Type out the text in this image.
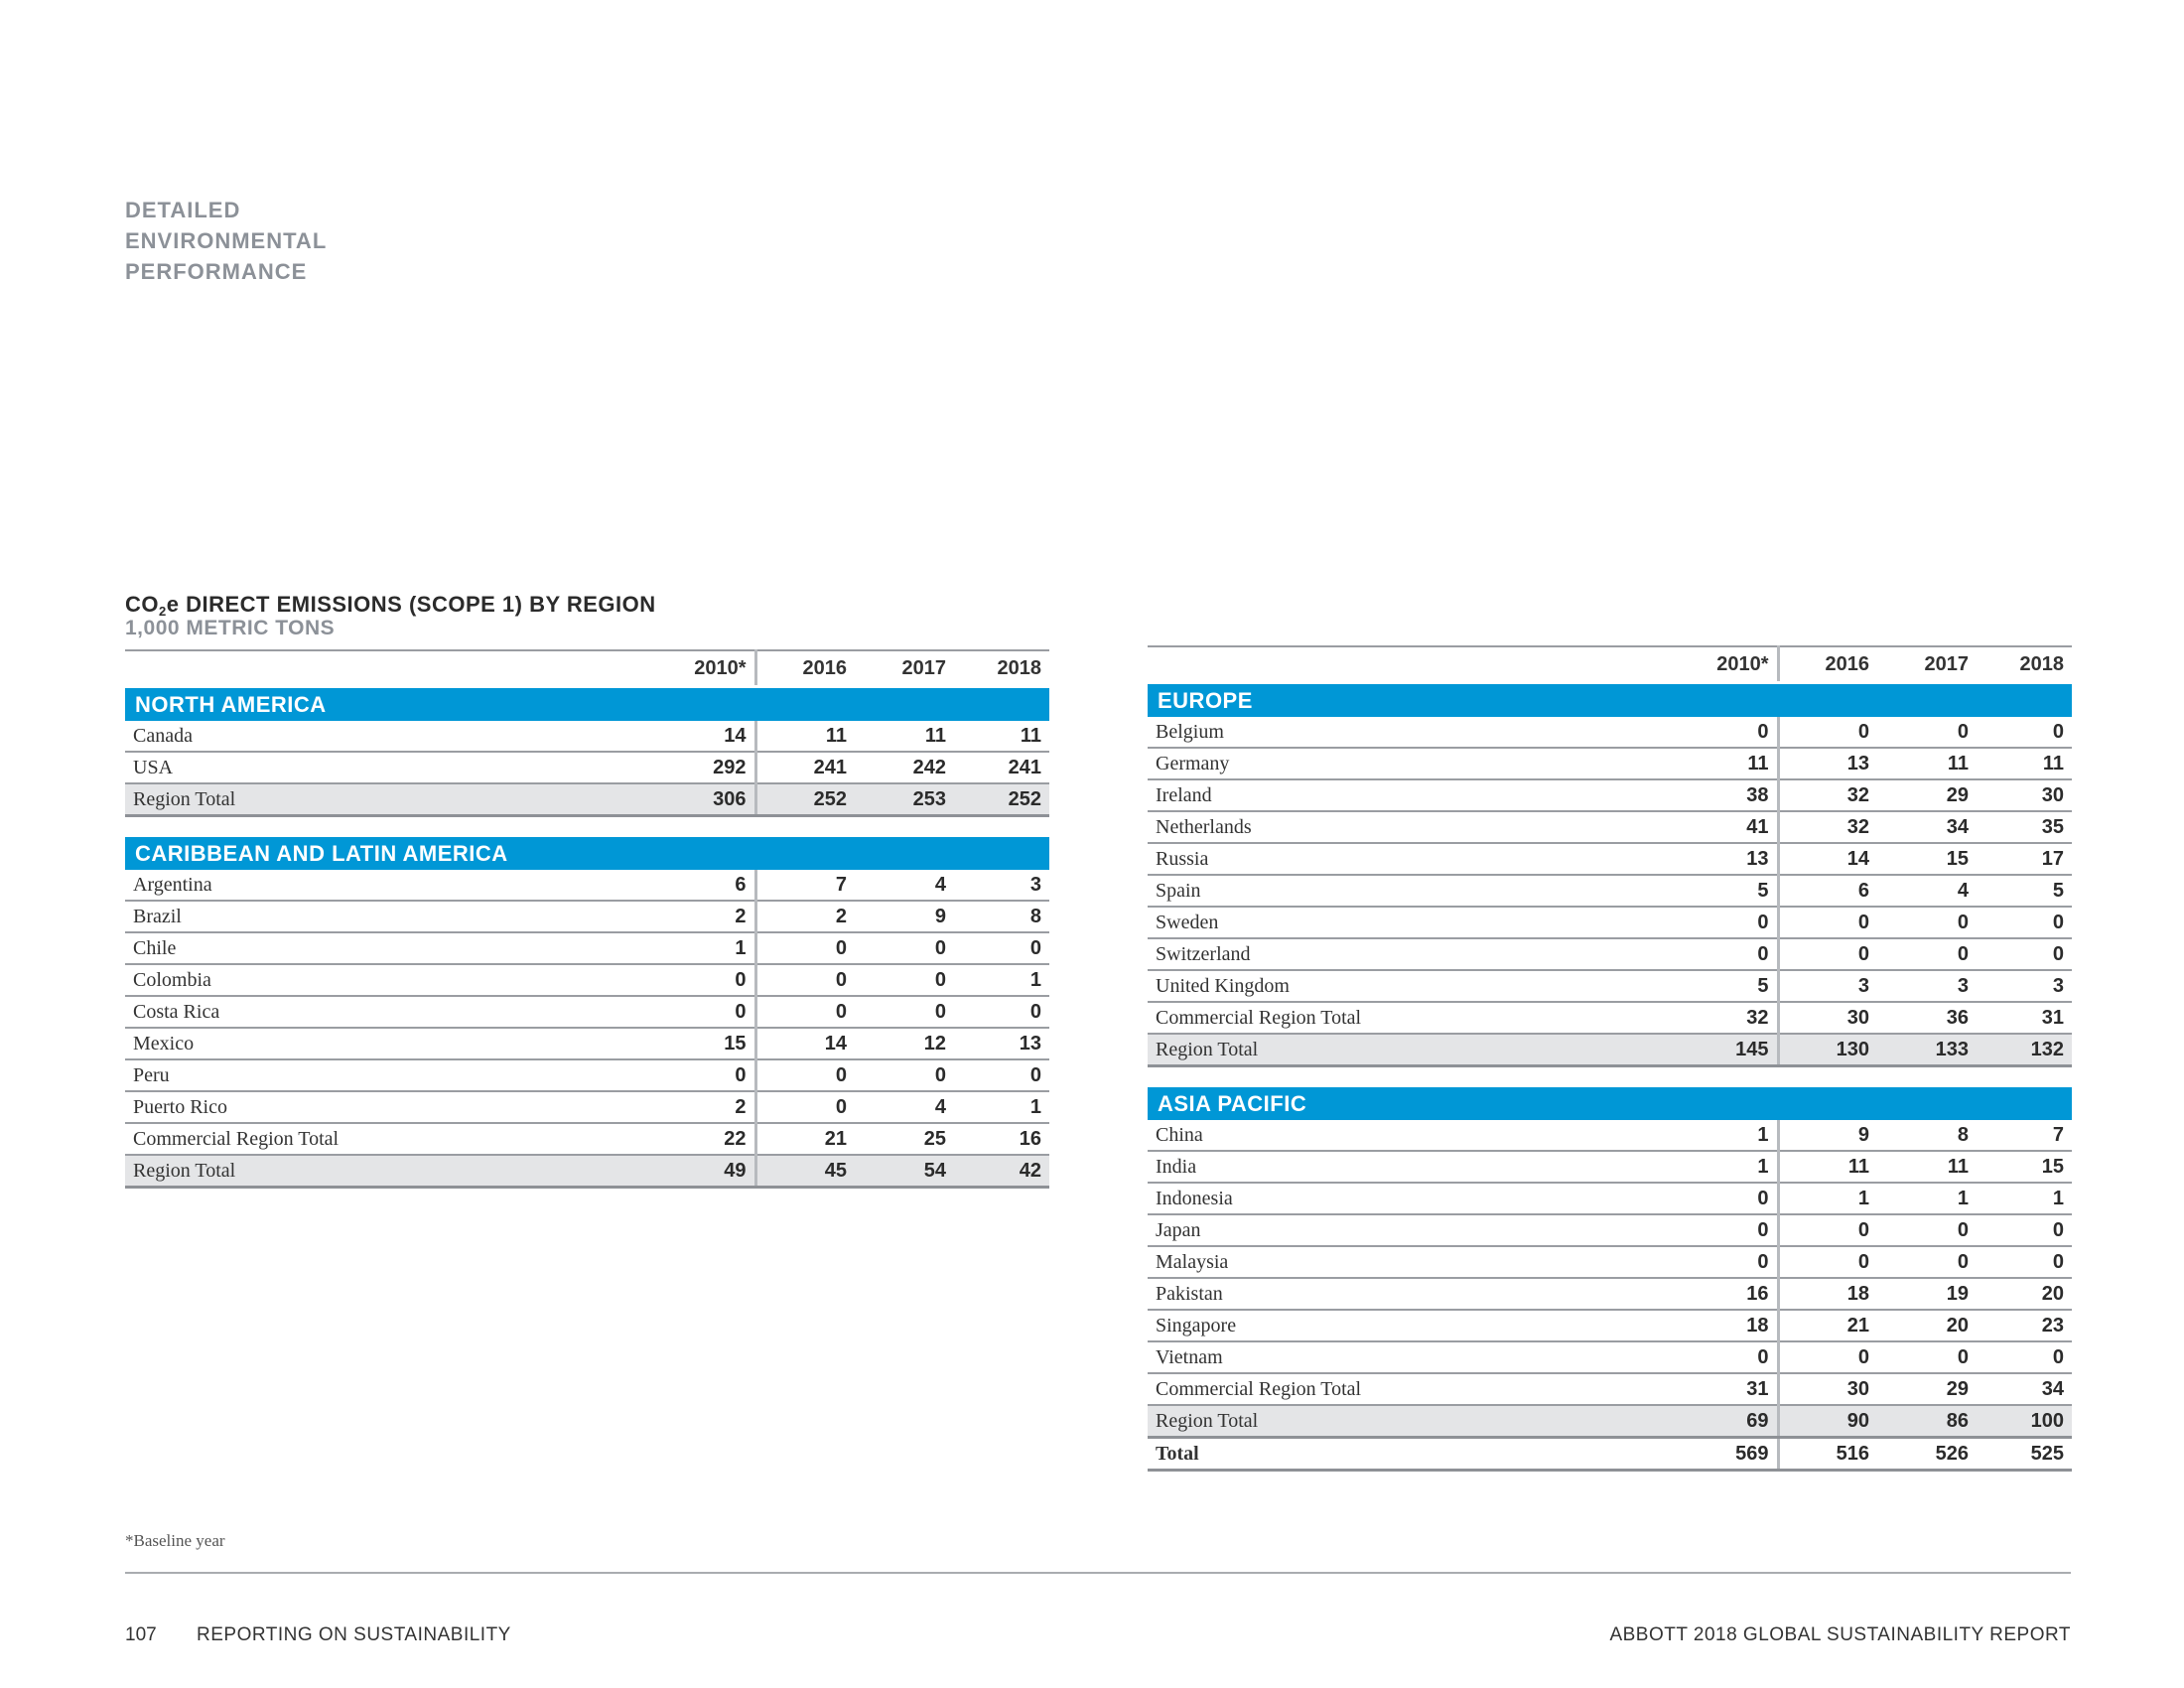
DETAILED
ENVIRONMENTAL
PERFORMANCE
$CO_2e$ DIRECT EMISSIONS (SCOPE 1) BY REGION
1,000 METRIC TONS
	2010*	2016	2017	2018
NORTH AMERICA				
Canada	14	11	11	11
USA	292	241	242	241
Region Total	306	252	253	252

CARIBBEAN AND LATIN AMERICA				
Argentina	6	7	4	3
Brazil	2	2	9	8
Chile	1	0	0	0
Colombia	0	0	0	1
Costa Rica	0	0	0	0
Mexico	15	14	12	13
Peru	0	0	0	0
Puerto Rico	2	0	4	1
Commercial Region Total	22	21	25	16
Region Total	49	45	54	42
	2010*	2016	2017	2018
EUROPE				
Belgium	0	0	0	0
Germany	11	13	11	11
Ireland	38	32	29	30
Netherlands	41	32	34	35
Russia	13	14	15	17
Spain	5	6	4	5
Sweden	0	0	0	0
Switzerland	0	0	0	0
United Kingdom	5	3	3	3
Commercial Region Total	32	30	36	31
Region Total	145	130	133	132

ASIA PACIFIC				
China	1	9	8	7
India	1	11	11	15
Indonesia	0	1	1	1
Japan	0	0	0	0
Malaysia	0	0	0	0
Pakistan	16	18	19	20
Singapore	18	21	20	23
Vietnam	0	0	0	0
Commercial Region Total	31	30	29	34
Region Total	69	90	86	100
Total	569	516	526	525
*Baseline year
107 REPORTING ON SUSTAINABILITY	ABBOTT 2018 GLOBAL SUSTAINABILITY REPORT
